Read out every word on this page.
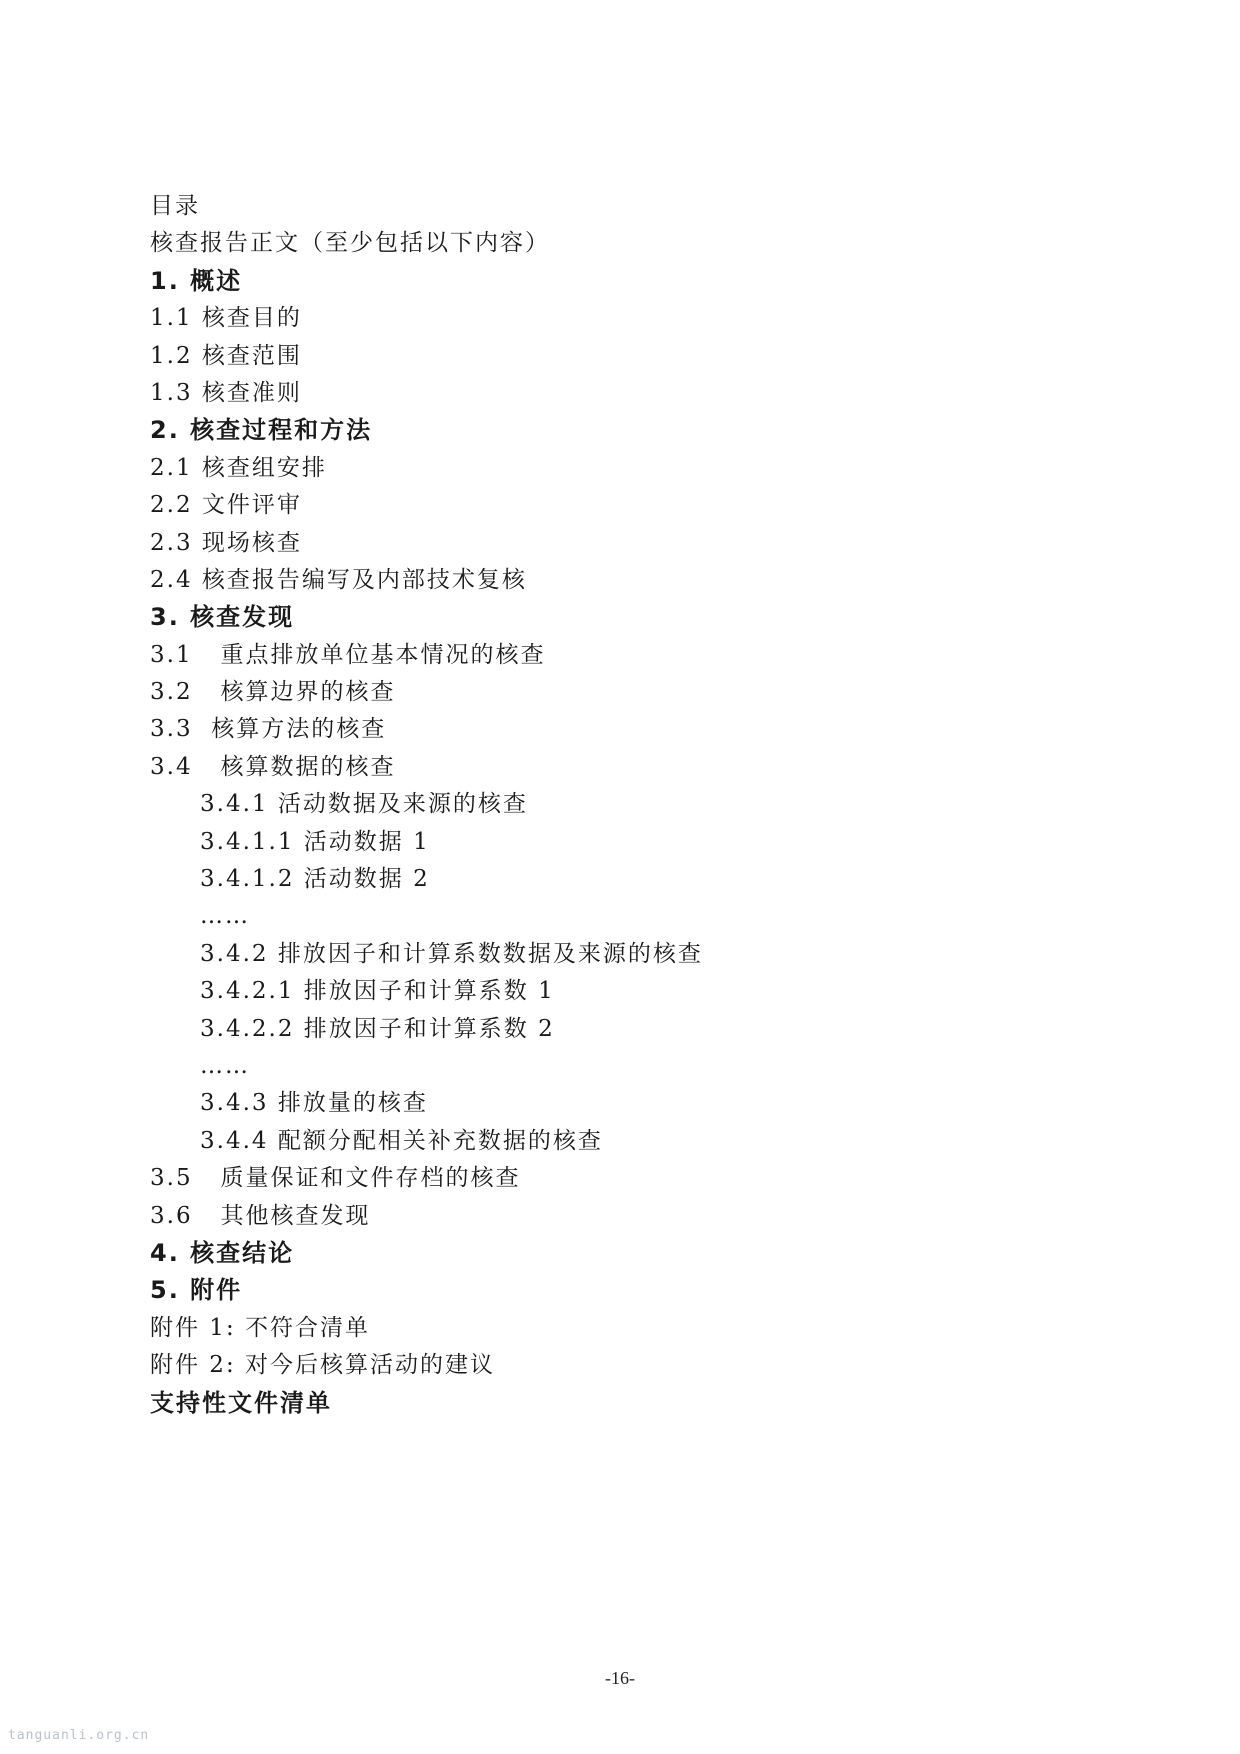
目录
核查报告正文（至少包括以下内容）
1. 概述
1.1 核查目的
1.2 核查范围
1.3 核查准则
2. 核查过程和方法
2.1 核查组安排
2.2 文件评审
2.3 现场核查
2.4 核查报告编写及内部技术复核
3. 核查发现
3.1   重点排放单位基本情况的核查
3.2   核算边界的核查
3.3  核算方法的核查
3.4   核算数据的核查
3.4.1 活动数据及来源的核查
3.4.1.1 活动数据 1
3.4.1.2 活动数据 2
……
3.4.2 排放因子和计算系数数据及来源的核查
3.4.2.1 排放因子和计算系数 1
3.4.2.2 排放因子和计算系数 2
……
3.4.3 排放量的核查
3.4.4 配额分配相关补充数据的核查
3.5   质量保证和文件存档的核查
3.6   其他核查发现
4. 核查结论
5. 附件
附件 1: 不符合清单
附件 2: 对今后核算活动的建议
支持性文件清单
-16-
tanguanli.org.cn
